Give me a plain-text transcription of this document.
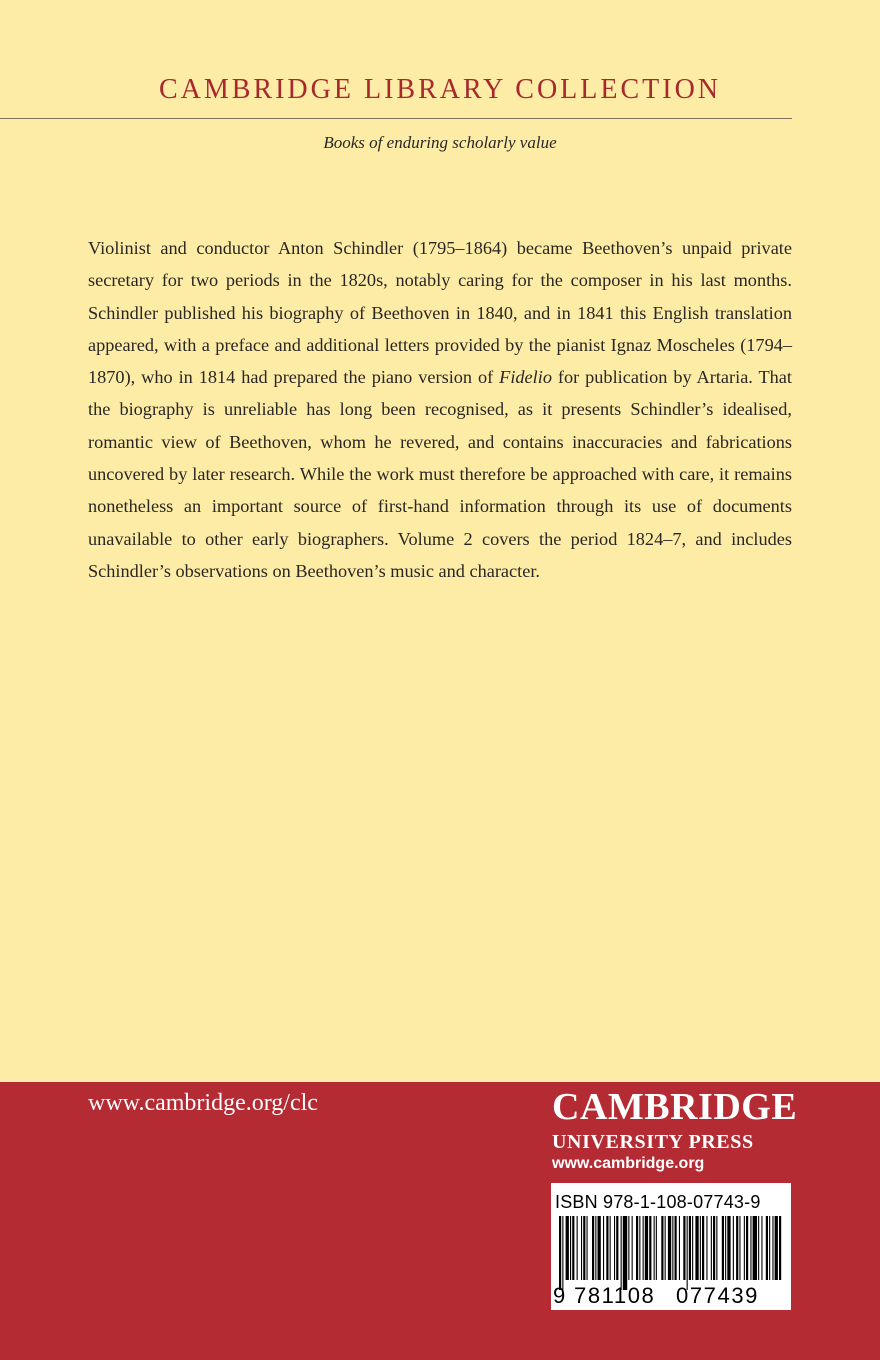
CAMBRIDGE LIBRARY COLLECTION
Books of enduring scholarly value

Violinist and conductor Anton Schindler (1795–1864) became Beethoven’s unpaid private secretary for two periods in the 1820s, notably caring for the composer in his last months. Schindler published his biography of Beethoven in 1840, and in 1841 this English translation appeared, with a preface and additional letters provided by the pianist Ignaz Moscheles (1794–1870), who in 1814 had prepared the piano version of Fidelio for publication by Artaria. That the biography is unreliable has long been recognised, as it presents Schindler’s idealised, romantic view of Beethoven, whom he revered, and contains inaccuracies and fabrications uncovered by later research. While the work must therefore be approached with care, it remains nonetheless an important source of first-hand information through its use of documents unavailable to other early biographers. Volume 2 covers the period 1824–7, and includes Schindler’s observations on Beethoven’s music and character.

www.cambridge.org/clc	CAMBRIDGE
UNIVERSITY PRESS
www.cambridge.org
ISBN 978-1-108-07743-9
9 781108 077439
